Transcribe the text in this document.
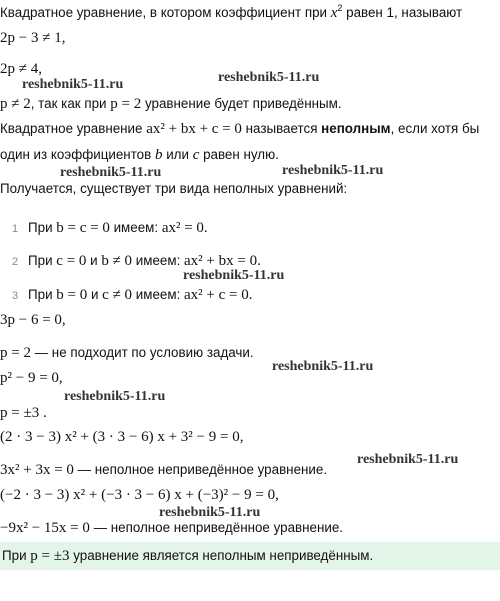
Квадратное уравнение, в котором коэффициент при $x^2$ равен 1, называют
2p − 3 ≠ 1,
2p ≠ 4,
p ≠ 2, так как при p = 2 уравнение будет приведённым.
Квадратное уравнение ax² + bx + c = 0 называется неполным, если хотя бы
один из коэффициентов b или c равен нулю.
Получается, существует три вида неполных уравнений:
1 При b = c = 0 имеем: ax² = 0.
2 При c = 0 и b ≠ 0 имеем: ax² + bx = 0.
3 При b = 0 и c ≠ 0 имеем: ax² + c = 0.
3p − 6 = 0,
p = 2 — не подходит по условию задачи.
p² − 9 = 0,
p = ±3 .
(2 · 3 − 3) x² + (3 · 3 − 6) x + 3² − 9 = 0,
3x² + 3x = 0 — неполное неприведённое уравнение.
(−2 · 3 − 3) x² + (−3 · 3 − 6) x + (−3)² − 9 = 0,
−9x² − 15x = 0 — неполное неприведённое уравнение.
При p = ±3 уравнение является неполным неприведённым.
reshebnik5-11.ru	reshebnik5-11.ru
reshebnik5-11.ru	reshebnik5-11.ru
reshebnik5-11.ru
reshebnik5-11.ru
reshebnik5-11.ru
reshebnik5-11.ru
reshebnik5-11.ru
